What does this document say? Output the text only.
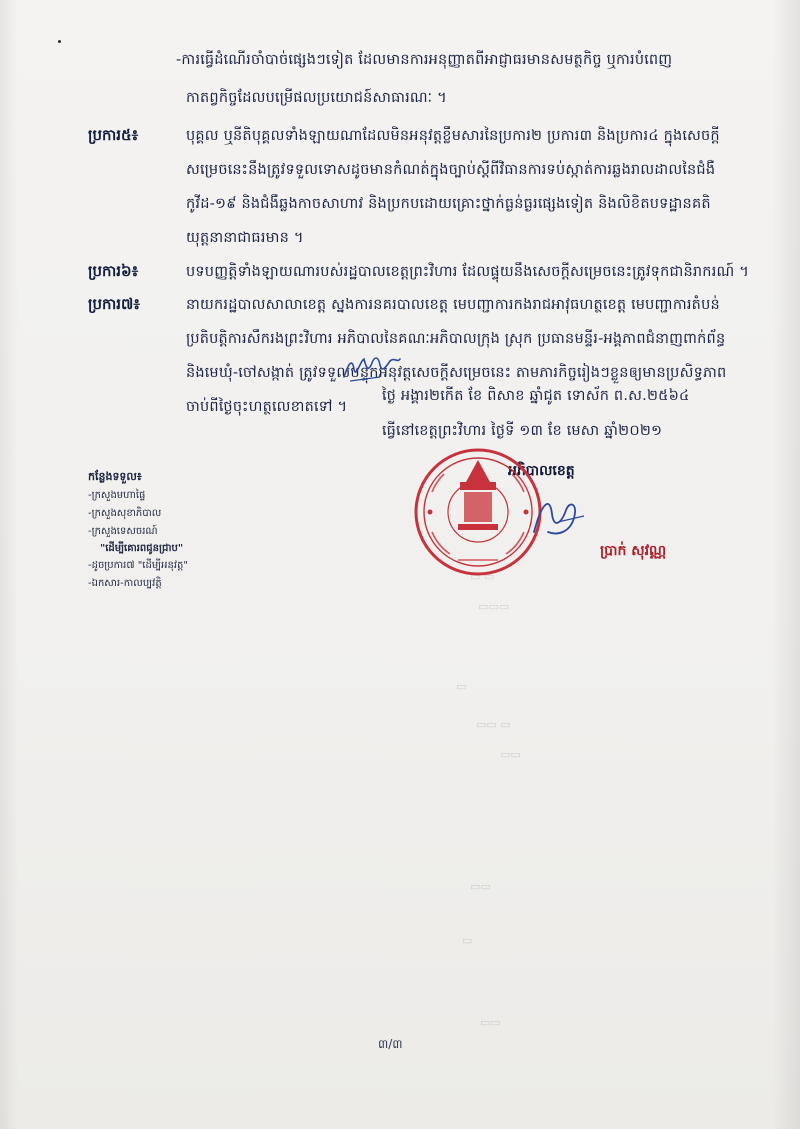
-ការធ្វើដំណើរចាំបាច់ផ្សេងៗទៀត ដែលមានការអនុញ្ញាតពីអាជ្ញាធរមានសមត្ថកិច្ច ឬការបំពេញ
កាតព្វកិច្ចដែលបម្រើផលប្រយោជន៍សាធារណៈ ។
ប្រការ៥៖	បុគ្គល ឬនីតិបុគ្គលទាំងឡាយណាដែលមិនអនុវត្តខ្លឹមសារនៃប្រការ២ ប្រការ៣ និងប្រការ៤ ក្នុងសេចក្តី
សម្រេចនេះនឹងត្រូវទទួលទោសដូចមានកំណត់ក្នុងច្បាប់ស្តីពីវិធានការទប់ស្កាត់ការឆ្លងរាលដាលនៃជំងឺ
កូវីដ-១៩ និងជំងឺឆ្លងកាចសាហាវ និងប្រកបដោយគ្រោះថ្នាក់ធ្ងន់ធ្ងរផ្សេងទៀត និងលិខិតបទដ្ឋានគតិ
យុត្តនានាជាធរមាន ។
ប្រការ៦៖	បទបញ្ញត្តិទាំងឡាយណារបស់រដ្ឋបាលខេត្តព្រះវិហារ ដែលផ្ទុយនឹងសេចក្តីសម្រេចនេះត្រូវទុកជានិរាករណ៍ ។
ប្រការ៧៖	នាយករដ្ឋបាលសាលាខេត្ត ស្នងការនគរបាលខេត្ត មេបញ្ជាការកងរាជអាវុធហត្ថខេត្ត មេបញ្ជាការតំបន់
ប្រតិបត្តិការសឹករងព្រះវិហារ អភិបាលនៃគណៈអភិបាលក្រុង ស្រុក ប្រធានមន្ទីរ-អង្គភាពជំនាញពាក់ព័ន្ធ
និងមេឃុំ-ចៅសង្កាត់ ត្រូវទទួលបន្ទុកអនុវត្តសេចក្តីសម្រេចនេះ តាមភារកិច្ចរៀងៗខ្លួនឲ្យមានប្រសិទ្ធភាព
ចាប់ពីថ្ងៃចុះហត្ថលេខាតទៅ ។
ថ្ងៃ អង្គារ២កើត ខែ ពិសាខ ឆ្នាំជូត ទោស័ក ព.ស.២៥៦៤
ធ្វើនៅខេត្តព្រះវិហារ ថ្ងៃទី ១៣ ខែ មេសា ឆ្នាំ២០២១
អភិបាលខេត្ត
ប្រាក់ សុវណ្ណ
កន្លែងទទួល៖
-ក្រសួងមហាផ្ទៃ
-ក្រសួងសុខាភិបាល
-ក្រសួងទេសចរណ៍
"ដើម្បីគោរពជូនជ្រាប"
-ដូចប្រការ៧ "ដើម្បីអនុវត្ត"
-ឯកសារ-កាលប្បវត្តិ
▭ ▭
▭▭▭
▭
▭▭ ▭
▭▭
▭▭
▭
▭▭
៣/៣
